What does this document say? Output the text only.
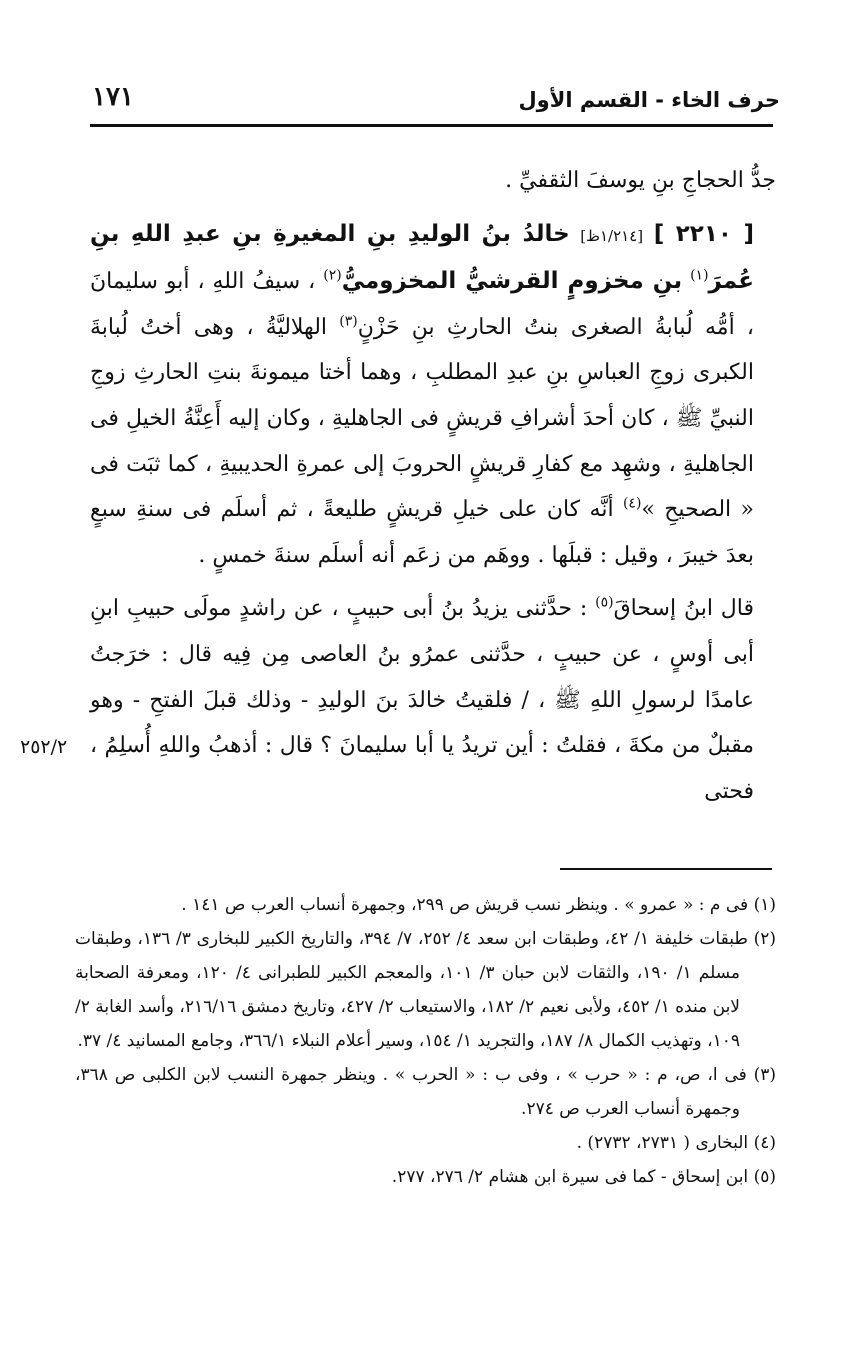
١٧١	حرف الخاء - القسم الأول

جدُّ الحجاجِ بنِ يوسفَ الثقفيِّ .

[ ٢٢١٠ ] [١/٢١٤ظ] خالدُ بنُ الوليدِ بنِ المغيرةِ بنِ عبدِ اللهِ بنِ عُمرَ$^{(١)}$ بنِ مخزومٍ القرشيُّ المخزوميُّ$^{(٢)}$ ، سيفُ اللهِ ، أبو سليمانَ ، أمُّه لُبابةُ الصغرى بنتُ الحارثِ بنِ حَزْنٍ$^{(٣)}$ الهلاليَّةُ ، وهى أختُ لُبابةَ الكبرى زوجِ العباسِ بنِ عبدِ المطلبِ ، وهما أختا ميمونةَ بنتِ الحارثِ زوجِ النبيِّ ﷺ ، كان أحدَ أشرافِ قريشٍ فى الجاهليةِ ، وكان إليه أَعِنَّةُ الخيلِ فى الجاهليةِ ، وشهِد مع كفارِ قريشٍ الحروبَ إلى عمرةِ الحديبيةِ ، كما ثبَت فى « الصحيحِ »$^{(٤)}$ أنَّه كان على خيلِ قريشٍ طليعةً ، ثم أسلَم فى سنةِ سبعٍ بعدَ خيبرَ ، وقيل : قبلَها . ووهَم من زعَم أنه أسلَم سنةَ خمسٍ .

قال ابنُ إسحاقَ$^{(٥)}$ : حدَّثنى يزيدُ بنُ أبى حبيبٍ ، عن راشدٍ مولَى حبيبِ ابنِ أبى أوسٍ ، عن حبيبٍ ، حدَّثنى عمرُو بنُ العاصى مِن فِيه قال : خرَجتُ عامدًا لرسولِ اللهِ ﷺ ، / فلقيتُ خالدَ بنَ الوليدِ - وذلك قبلَ الفتحِ - وهو مقبلٌ من مكةَ ، فقلتُ : أين تريدُ يا أبا سليمانَ ؟ قال : أذهبُ واللهِ أُسلِمُ ، فحتى

٢٥٢/٢

(١) فى م : « عمرو » . وينظر نسب قريش ص ٢٩٩، وجمهرة أنساب العرب ص ١٤١ .

(٢) طبقات خليفة ١/ ٤٢، وطبقات ابن سعد ٤/ ٢٥٢، ٧/ ٣٩٤، والتاريخ الكبير للبخارى ٣/ ١٣٦، وطبقات مسلم ١/ ١٩٠، والثقات لابن حبان ٣/ ١٠١، والمعجم الكبير للطبرانى ٤/ ١٢٠، ومعرفة الصحابة لابن منده ١/ ٤٥٢، ولأبى نعيم ٢/ ١٨٢، والاستيعاب ٢/ ٤٢٧، وتاريخ دمشق ٢١٦/١٦، وأسد الغابة ٢/ ١٠٩، وتهذيب الكمال ٨/ ١٨٧، والتجريد ١/ ١٥٤، وسير أعلام النبلاء ٣٦٦/١، وجامع المسانيد ٤/ ٣٧.

(٣) فى ا، ص، م : « حرب » ، وفى ب : « الحرب » . وينظر جمهرة النسب لابن الكلبى ص ٣٦٨، وجمهرة أنساب العرب ص ٢٧٤.

(٤) البخارى ( ٢٧٣١، ٢٧٣٢) .

(٥) ابن إسحاق - كما فى سيرة ابن هشام ٢/ ٢٧٦، ٢٧٧.
